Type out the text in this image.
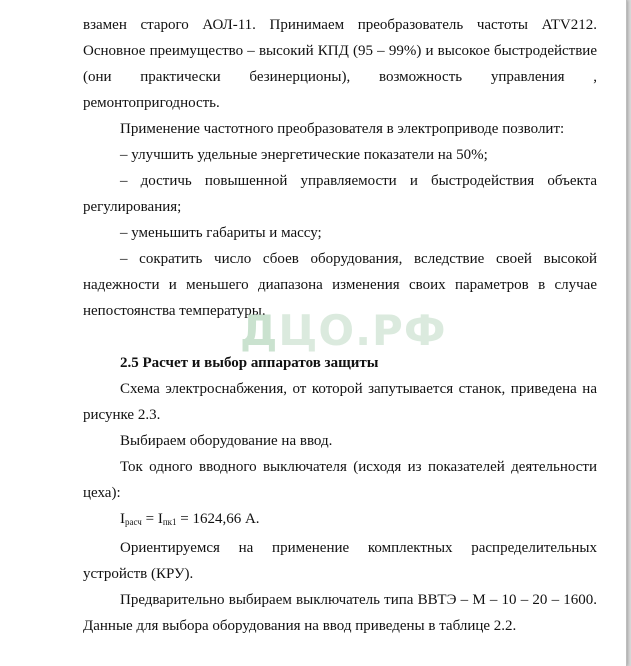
взамен старого АОЛ-11. Принимаем преобразователь частоты ATV212. Основное преимущество – высокий КПД (95 – 99%) и высокое быстродействие (они практически безинерционы), возможность управления , ремонтопригодность.

Применение частотного преобразователя в электроприводе позволит:

– улучшить удельные энергетические показатели на 50%;

– достичь повышенной управляемости и быстродействия объекта регулирования;

– уменьшить габариты и массу;

– сократить число сбоев оборудования, вследствие своей высокой надежности и меньшего диапазона изменения своих параметров в случае непостоянства температуры.

2.5 Расчет и выбор аппаратов защиты

Схема электроснабжения, от которой запутывается станок, приведена на рисунке 2.3.

Выбираем оборудование на ввод.

Ток одного вводного выключателя (исходя из показателей деятельности цеха):

$I_{расч} = I_{пк1} = 1624,66$ А.

Ориентируемся на применение комплектных распределительных устройств (КРУ).

Предварительно выбираем выключатель типа ВВТЭ – М – 10 – 20 – 1600. Данные для выбора оборудования на ввод приведены в таблице 2.2.

ДЦО.РФ
